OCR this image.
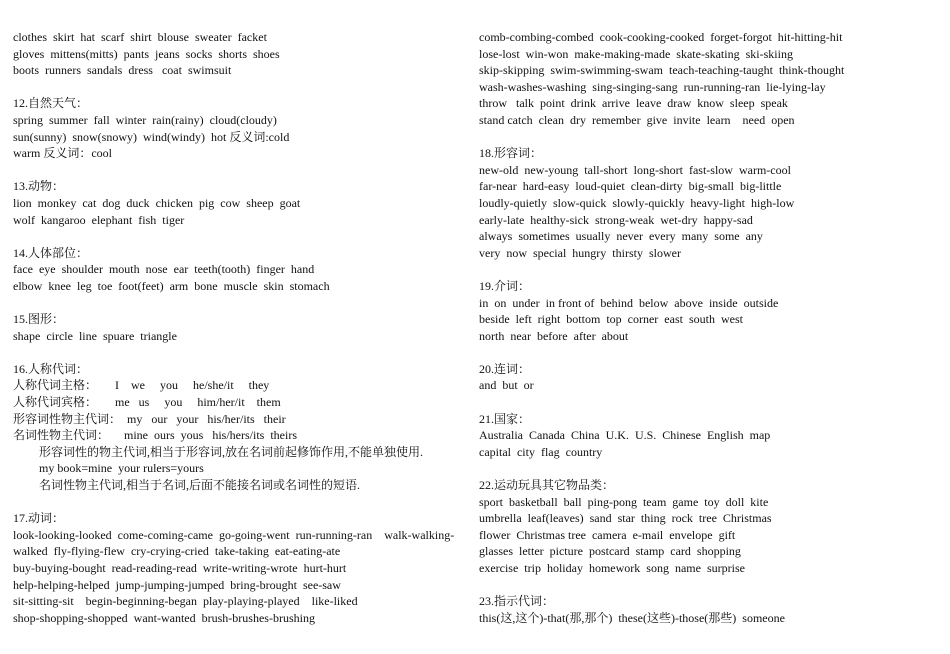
clothes  skirt  hat  scarf  shirt  blouse  sweater  facket
gloves  mittens(mitts)  pants  jeans  socks  shorts  shoes
boots  runners  sandals  dress   coat  swimsuit
12.自然天气：
spring  summer  fall  winter  rain(rainy)  cloud(cloudy)
sun(sunny)  snow(snowy)  wind(windy)  hot 反义词:cold
warm 反义词：cool
13.动物：
lion  monkey  cat  dog  duck  chicken  pig  cow  sheep  goat
wolf  kangaroo  elephant  fish  tiger
14.人体部位：
face  eye  shoulder  mouth  nose  ear  teeth(tooth)  finger  hand
elbow  knee  leg  toe  foot(feet)  arm  bone  muscle  skin  stomach
15.图形：
shape  circle  line  spuare  triangle
16.人称代词：
人称代词主格：      I    we     you     he/she/it     they
人称代词宾格：      me   us     you     him/her/it    them
形容词性物主代词：  my   our   your   his/her/its   their
名词性物主代词：     mine  ours  yous   his/hers/its  theirs
形容词性的物主代词,相当于形容词,放在名词前起修饰作用,不能单独使用.
my book=mine  your rulers=yours
名词性物主代词,相当于名词,后面不能接名词或名词性的短语.
17.动词：
look-looking-looked  come-coming-came  go-going-went  run-running-ran    walk-walking-
walked  fly-flying-flew  cry-crying-cried  take-taking  eat-eating-ate
buy-buying-bought  read-reading-read  write-writing-wrote  hurt-hurt
help-helping-helped  jump-jumping-jumped  bring-brought  see-saw
sit-sitting-sit    begin-beginning-began  play-playing-played    like-liked
shop-shopping-shopped  want-wanted  brush-brushes-brushing
comb-combing-combed  cook-cooking-cooked  forget-forgot  hit-hitting-hit
lose-lost  win-won  make-making-made  skate-skating  ski-skiing
skip-skipping  swim-swimming-swam  teach-teaching-taught  think-thought
wash-washes-washing  sing-singing-sang  run-running-ran  lie-lying-lay
throw   talk  point  drink  arrive  leave  draw  know  sleep  speak
stand catch  clean  dry  remember  give  invite  learn    need  open
18.形容词：
new-old  new-young  tall-short  long-short  fast-slow  warm-cool
far-near  hard-easy  loud-quiet  clean-dirty  big-small  big-little
loudly-quietly  slow-quick  slowly-quickly  heavy-light  high-low
early-late  healthy-sick  strong-weak  wet-dry  happy-sad
always  sometimes  usually  never  every  many  some  any
very  now  special  hungry  thirsty  slower
19.介词：
in  on  under  in front of  behind  below  above  inside  outside
beside  left  right  bottom  top  corner  east  south  west
north  near  before  after  about
20.连词：
and  but  or
21.国家：
Australia  Canada  China  U.K.  U.S.  Chinese  English  map
capital  city  flag  country
22.运动玩具其它物品类：
sport  basketball  ball  ping-pong  team  game  toy  doll  kite
umbrella  leaf(leaves)  sand  star  thing  rock  tree  Christmas
flower  Christmas tree  camera  e-mail  envelope  gift
glasses  letter  picture  postcard  stamp  card  shopping
exercise  trip  holiday  homework  song  name  surprise
23.指示代词：
this(这,这个)-that(那,那个)  these(这些)-those(那些)  someone
